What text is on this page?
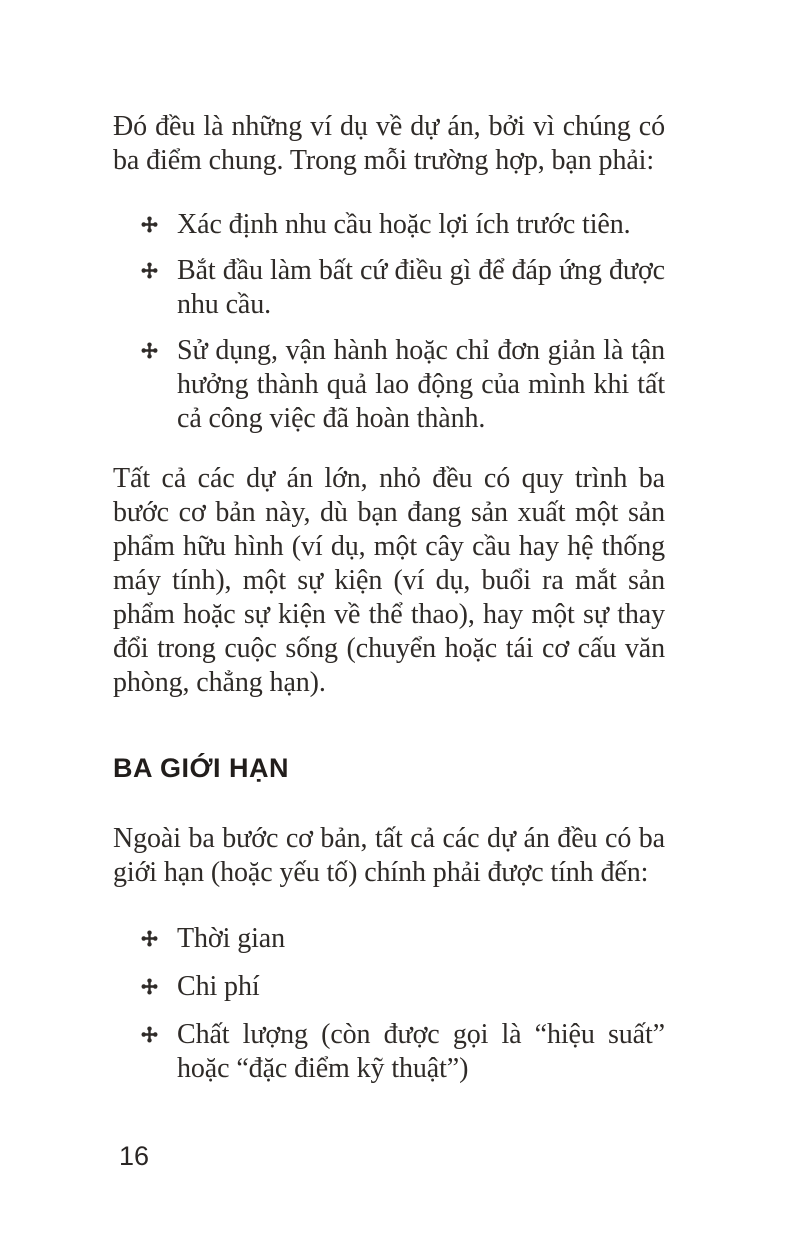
Đó đều là những ví dụ về dự án, bởi vì chúng có ba điểm chung. Trong mỗi trường hợp, bạn phải:

Xác định nhu cầu hoặc lợi ích trước tiên.
Bắt đầu làm bất cứ điều gì để đáp ứng được nhu cầu.
Sử dụng, vận hành hoặc chỉ đơn giản là tận hưởng thành quả lao động của mình khi tất cả công việc đã hoàn thành.

Tất cả các dự án lớn, nhỏ đều có quy trình ba bước cơ bản này, dù bạn đang sản xuất một sản phẩm hữu hình (ví dụ, một cây cầu hay hệ thống máy tính), một sự kiện (ví dụ, buổi ra mắt sản phẩm hoặc sự kiện về thể thao), hay một sự thay đổi trong cuộc sống (chuyển hoặc tái cơ cấu văn phòng, chẳng hạn).

BA GIỚI HẠN

Ngoài ba bước cơ bản, tất cả các dự án đều có ba giới hạn (hoặc yếu tố) chính phải được tính đến:

Thời gian
Chi phí
Chất lượng (còn được gọi là “hiệu suất” hoặc “đặc điểm kỹ thuật”)
16
